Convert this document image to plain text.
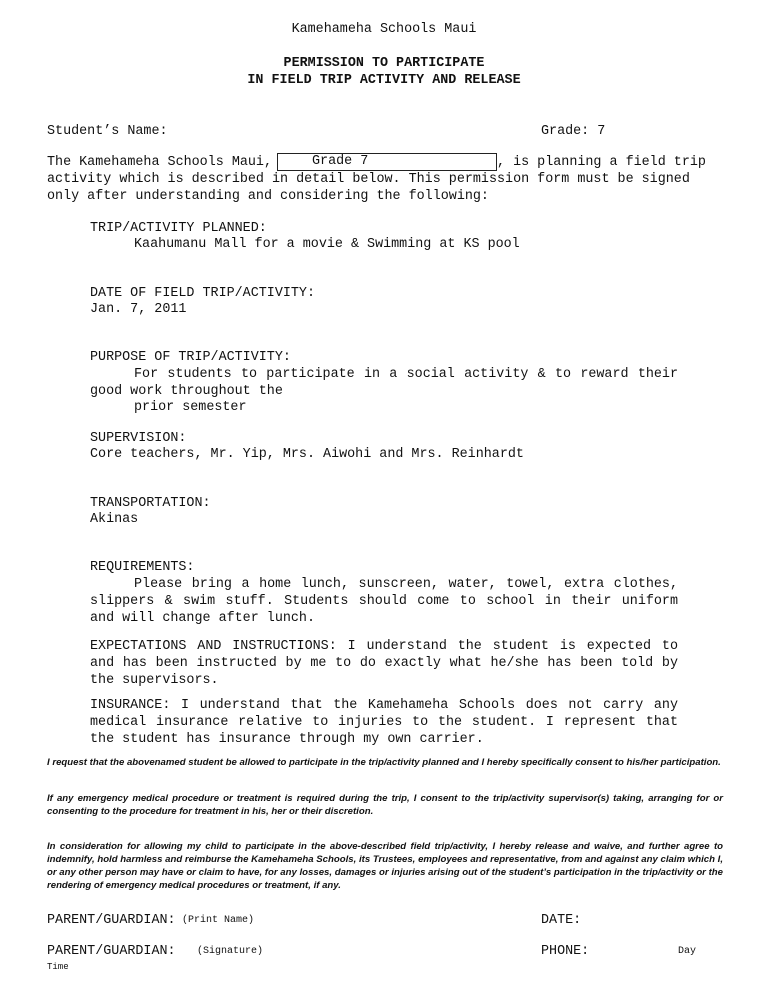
Kamehameha Schools Maui
PERMISSION TO PARTICIPATE
IN FIELD TRIP ACTIVITY AND RELEASE
Student’s Name:	Grade: 7
The Kamehameha Schools Maui,	Grade 7	, is planning a field trip
activity which is described in detail below. This permission form must be signed
only after understanding and considering the following:
TRIP/ACTIVITY PLANNED:
Kaahumanu Mall for a movie & Swimming at KS pool
DATE OF FIELD TRIP/ACTIVITY:
Jan. 7, 2011
PURPOSE OF TRIP/ACTIVITY:
For students to participate in a social activity & to reward their good work throughout the
prior semester
SUPERVISION:
Core teachers, Mr. Yip, Mrs. Aiwohi and Mrs. Reinhardt
TRANSPORTATION:
Akinas
REQUIREMENTS:
Please bring a home lunch, sunscreen, water, towel, extra clothes, slippers & swim stuff. Students should come to school in their uniform and will change after lunch.
EXPECTATIONS AND INSTRUCTIONS: I understand the student is expected to and has been instructed by me to do exactly what he/she has been told by the supervisors.
INSURANCE: I understand that the Kamehameha Schools does not carry any medical insurance relative to injuries to the student. I represent that the student has insurance through my own carrier.
I request that the abovenamed student be allowed to participate in the trip/activity planned and I hereby specifically consent to his/her participation.
If any emergency medical procedure or treatment is required during the trip, I consent to the trip/activity supervisor(s) taking, arranging for or consenting to the procedure for treatment in his, her or their discretion.
In consideration for allowing my child to participate in the above-described field trip/activity, I hereby release and waive, and further agree to indemnify, hold harmless and reimburse the Kamehameha Schools, its Trustees, employees and representative, from and against any claim which I, or any other person may have or claim to have, for any losses, damages or injuries arising out of the student’s participation in the trip/activity or the rendering of emergency medical procedures or treatment, if any.
PARENT/GUARDIAN: (Print Name)	DATE:
PARENT/GUARDIAN: (Signature)	PHONE:	Day
Time
